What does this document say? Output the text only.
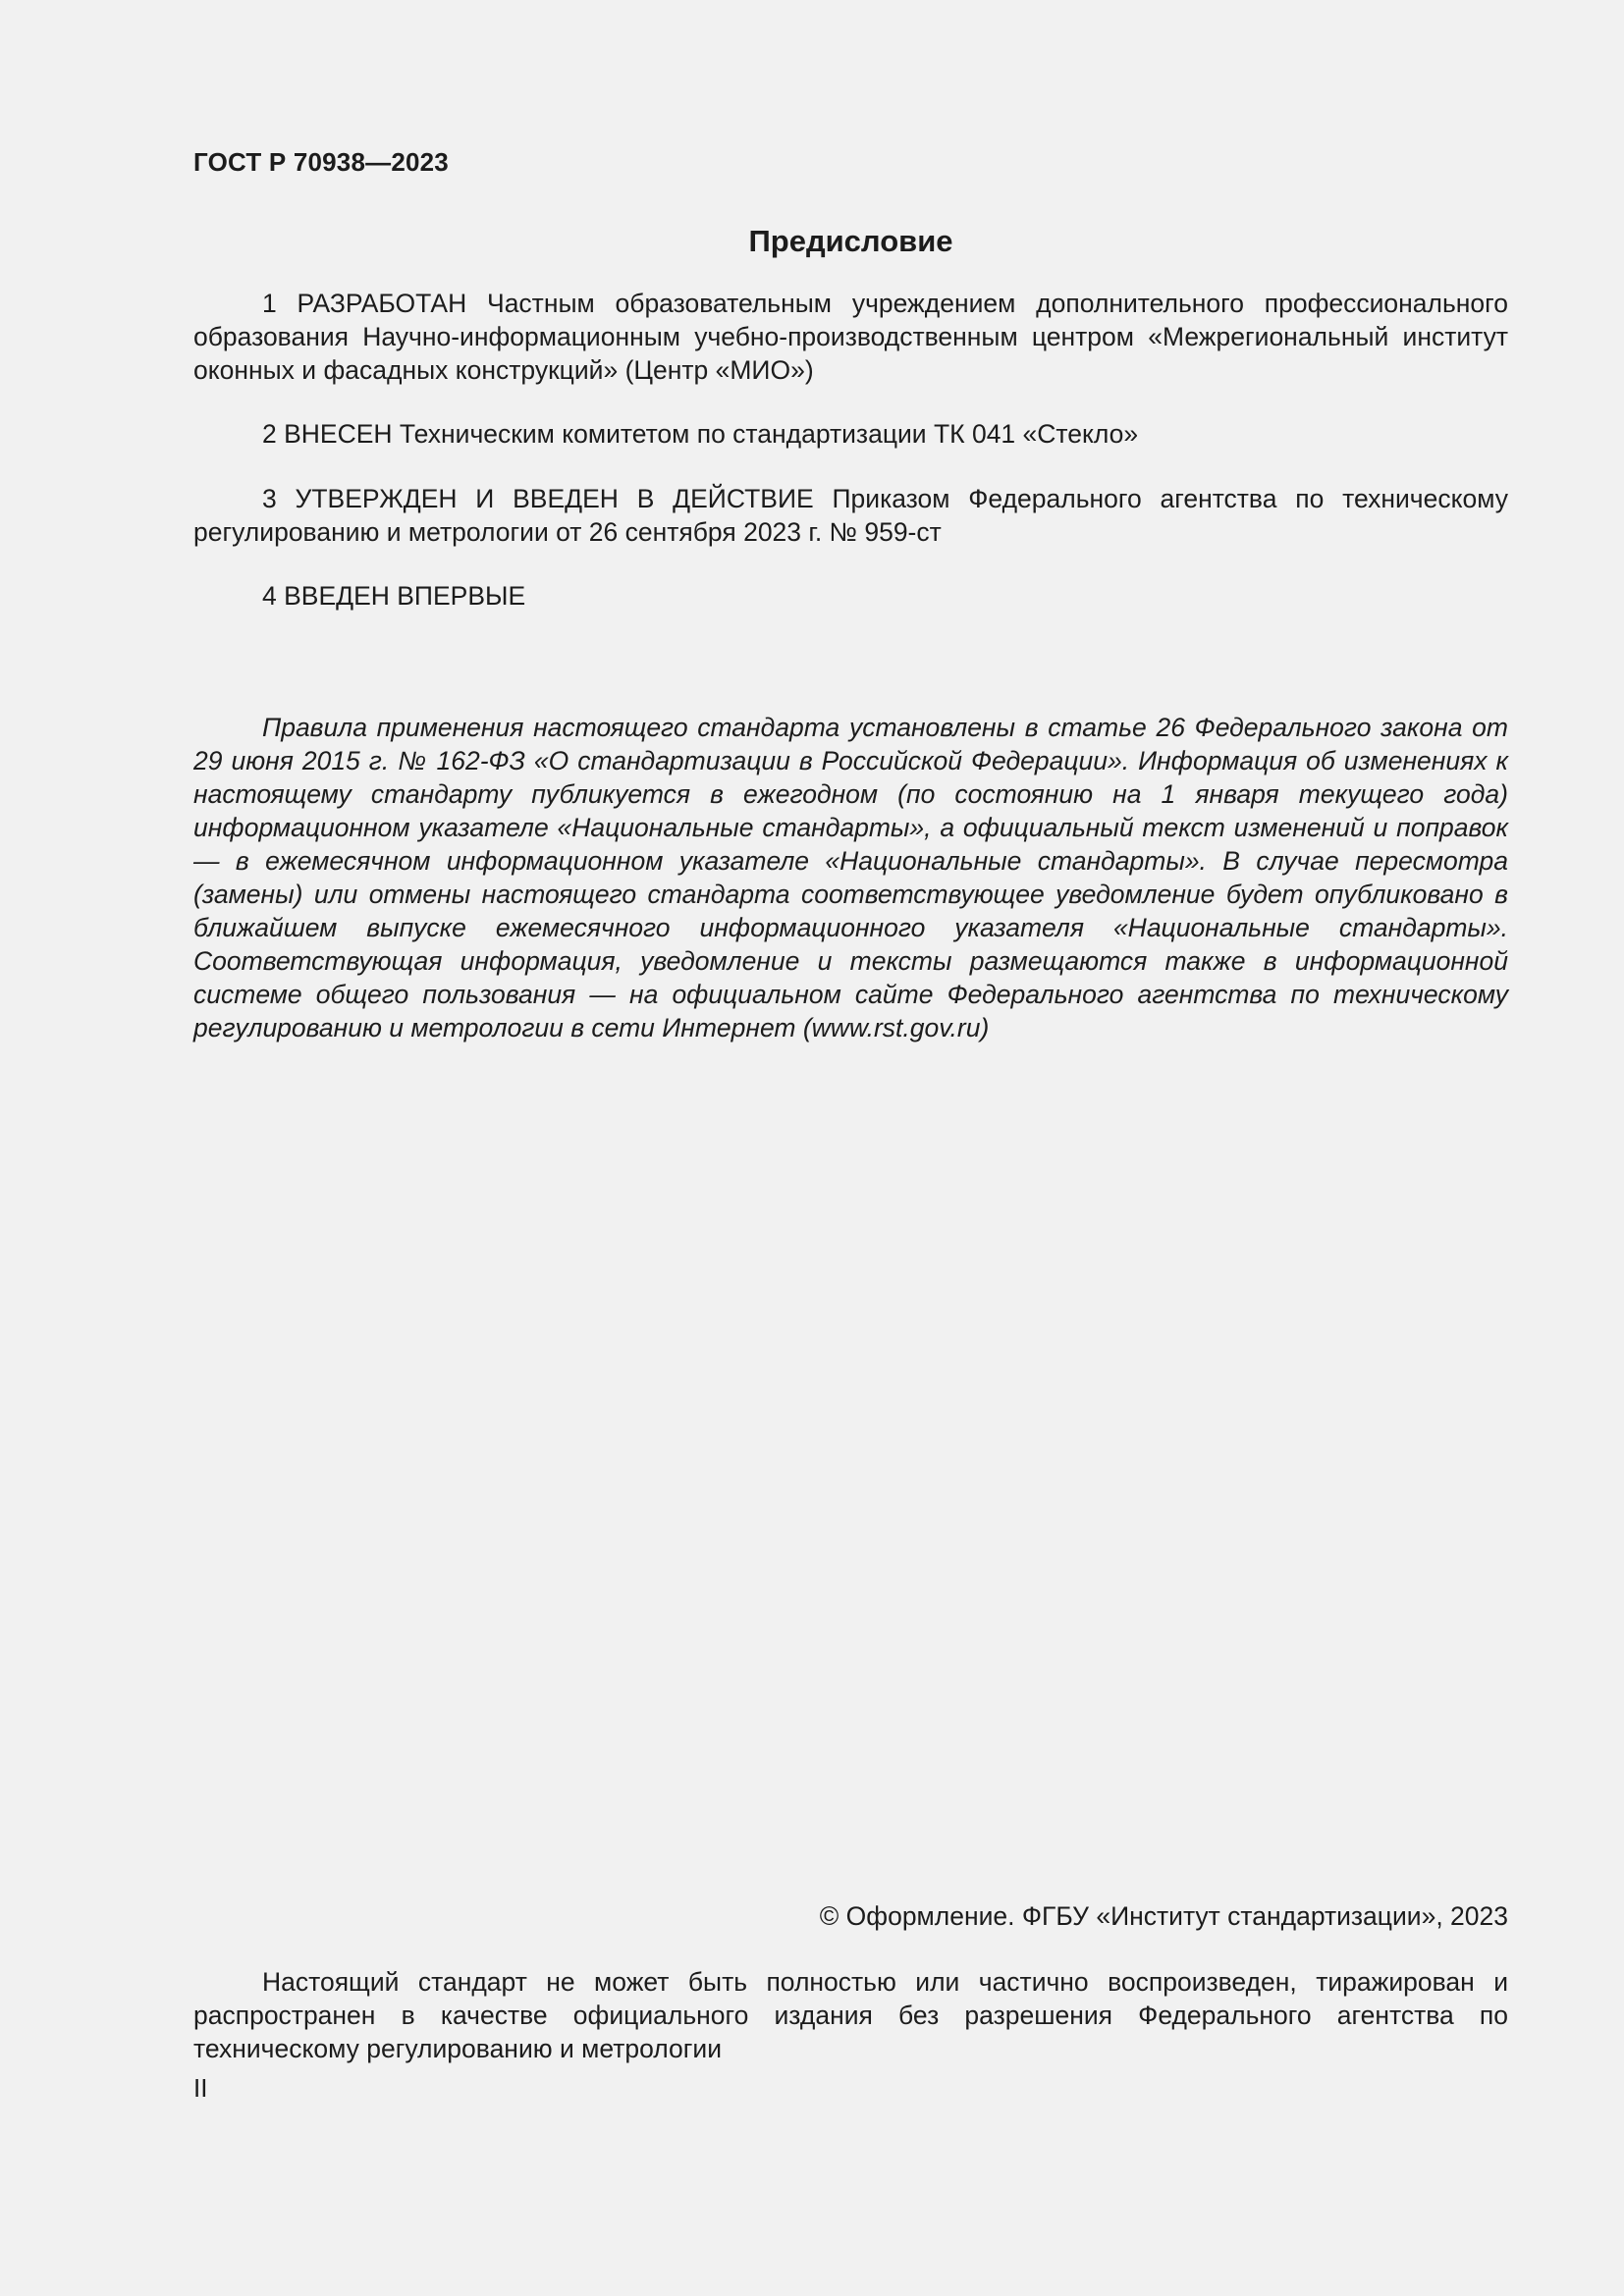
ГОСТ Р 70938—2023
Предисловие

1 РАЗРАБОТАН Частным образовательным учреждением дополнительного профессионального образования Научно-информационным учебно-производственным центром «Межрегиональный институт оконных и фасадных конструкций» (Центр «МИО»)

2 ВНЕСЕН Техническим комитетом по стандартизации ТК 041 «Стекло»

3 УТВЕРЖДЕН И ВВЕДЕН В ДЕЙСТВИЕ Приказом Федерального агентства по техническому регулированию и метрологии от 26 сентября 2023 г. № 959-ст

4 ВВЕДЕН ВПЕРВЫЕ

Правила применения настоящего стандарта установлены в статье 26 Федерального закона от 29 июня 2015 г. № 162-ФЗ «О стандартизации в Российской Федерации». Информация об изменениях к настоящему стандарту публикуется в ежегодном (по состоянию на 1 января текущего года) информационном указателе «Национальные стандарты», а официальный текст изменений и поправок — в ежемесячном информационном указателе «Национальные стандарты». В случае пересмотра (замены) или отмены настоящего стандарта соответствующее уведомление будет опубликовано в ближайшем выпуске ежемесячного информационного указателя «Национальные стандарты». Соответствующая информация, уведомление и тексты размещаются также в информационной системе общего пользования — на официальном сайте Федерального агентства по техническому регулированию и метрологии в сети Интернет (www.rst.gov.ru)

© Оформление. ФГБУ «Институт стандартизации», 2023

Настоящий стандарт не может быть полностью или частично воспроизведен, тиражирован и распространен в качестве официального издания без разрешения Федерального агентства по техническому регулированию и метрологии

II
